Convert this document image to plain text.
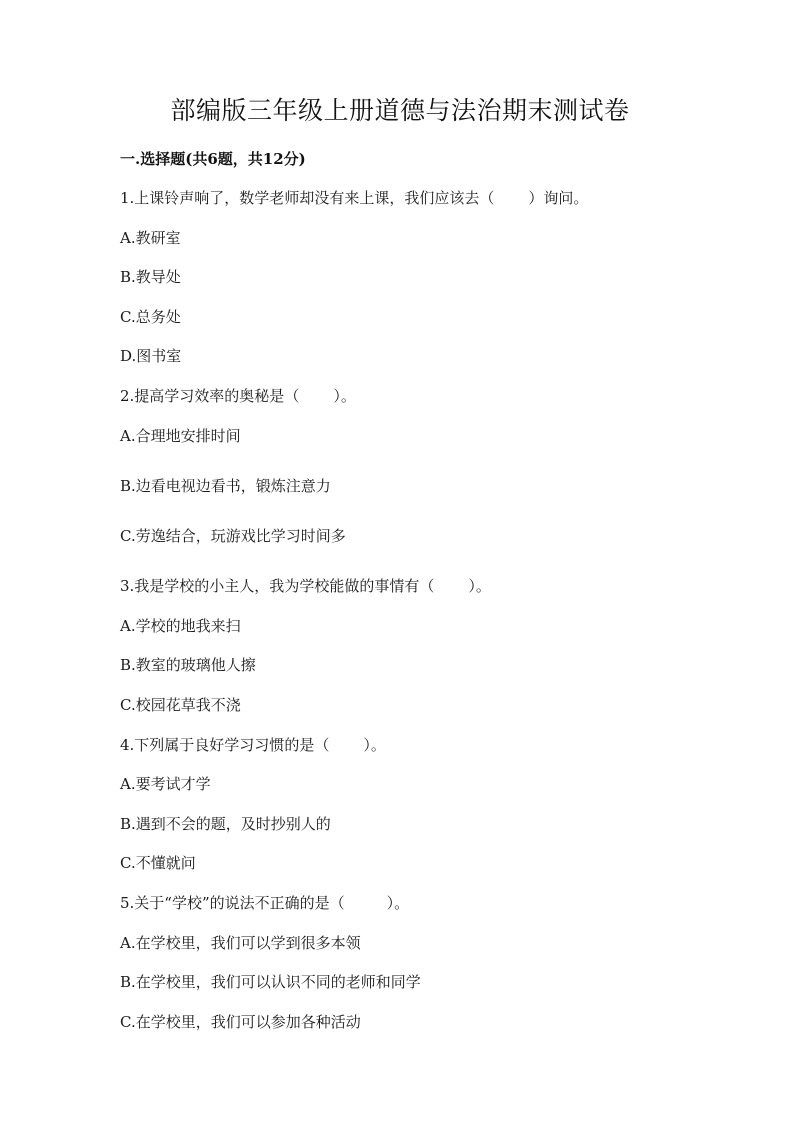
部编版三年级上册道德与法治期末测试卷
一.选择题(共6题，共12分)
1.上课铃声响了，数学老师却没有来上课，我们应该去（ ）询问。
A.教研室
B.教导处
C.总务处
D.图书室
2.提高学习效率的奥秘是（ ）。
A.合理地安排时间
B.边看电视边看书，锻炼注意力
C.劳逸结合，玩游戏比学习时间多
3.我是学校的小主人，我为学校能做的事情有（ ）。
A.学校的地我来扫
B.教室的玻璃他人擦
C.校园花草我不浇
4.下列属于良好学习习惯的是（ ）。
A.要考试才学
B.遇到不会的题，及时抄别人的
C.不懂就问
5.关于“学校”的说法不正确的是（	）。
A.在学校里，我们可以学到很多本领
B.在学校里，我们可以认识不同的老师和同学
C.在学校里，我们可以参加各种活动
